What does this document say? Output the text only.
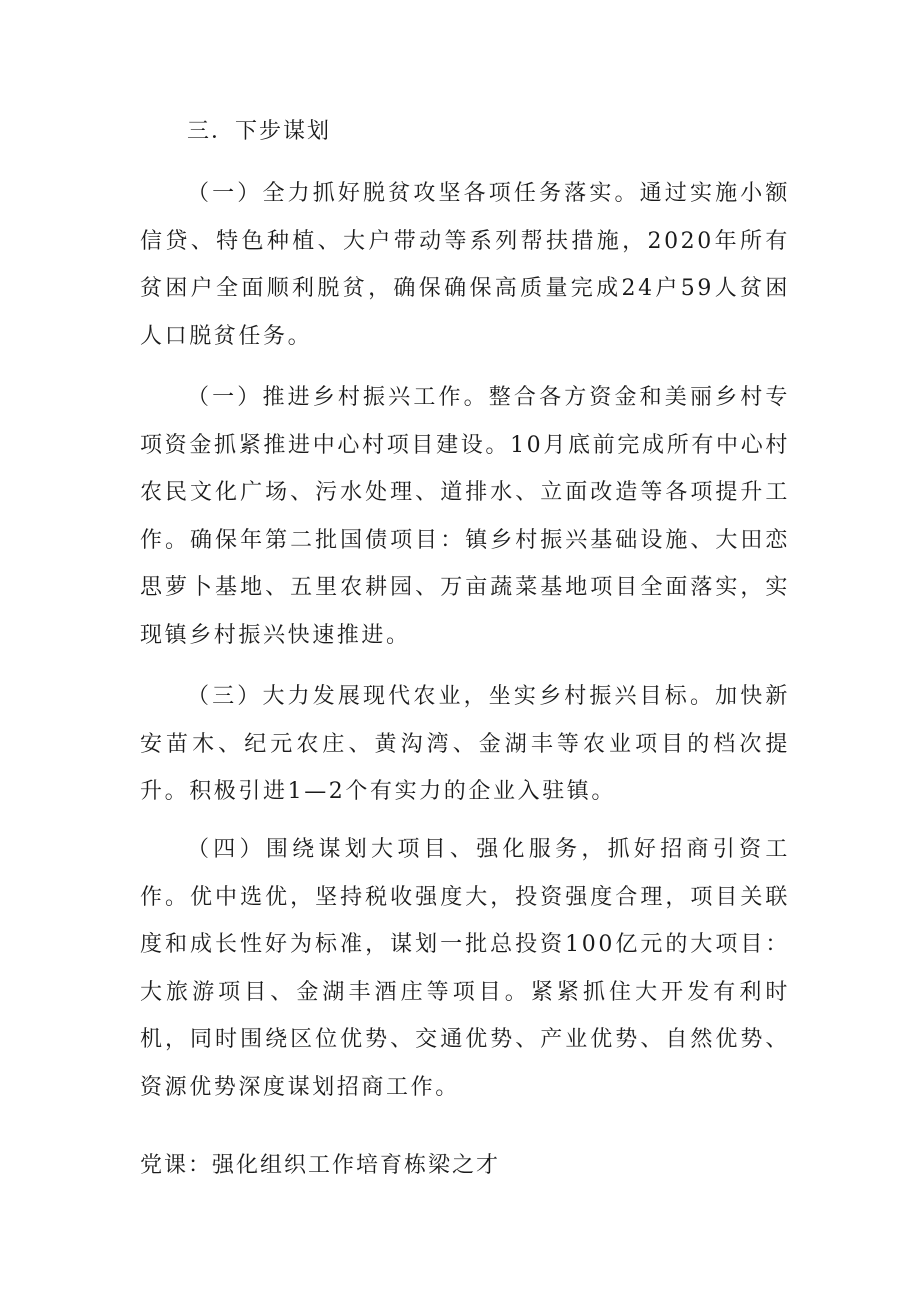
三．下步谋划

（一）全力抓好脱贫攻坚各项任务落实。通过实施小额信贷、特色种植、大户带动等系列帮扶措施，2020年所有贫困户全面顺利脱贫，确保确保高质量完成24户59人贫困人口脱贫任务。

（一）推进乡村振兴工作。整合各方资金和美丽乡村专项资金抓紧推进中心村项目建设。10月底前完成所有中心村农民文化广场、污水处理、道排水、立面改造等各项提升工作。确保年第二批国债项目：镇乡村振兴基础设施、大田恋思萝卜基地、五里农耕园、万亩蔬菜基地项目全面落实，实现镇乡村振兴快速推进。

（三）大力发展现代农业，坐实乡村振兴目标。加快新安苗木、纪元农庄、黄沟湾、金湖丰等农业项目的档次提升。积极引进1—2个有实力的企业入驻镇。

（四）围绕谋划大项目、强化服务，抓好招商引资工作。优中选优，坚持税收强度大，投资强度合理，项目关联度和成长性好为标准，谋划一批总投资100亿元的大项目：大旅游项目、金湖丰酒庄等项目。紧紧抓住大开发有利时机，同时围绕区位优势、交通优势、产业优势、自然优势、资源优势深度谋划招商工作。

党课：强化组织工作培育栋梁之才
